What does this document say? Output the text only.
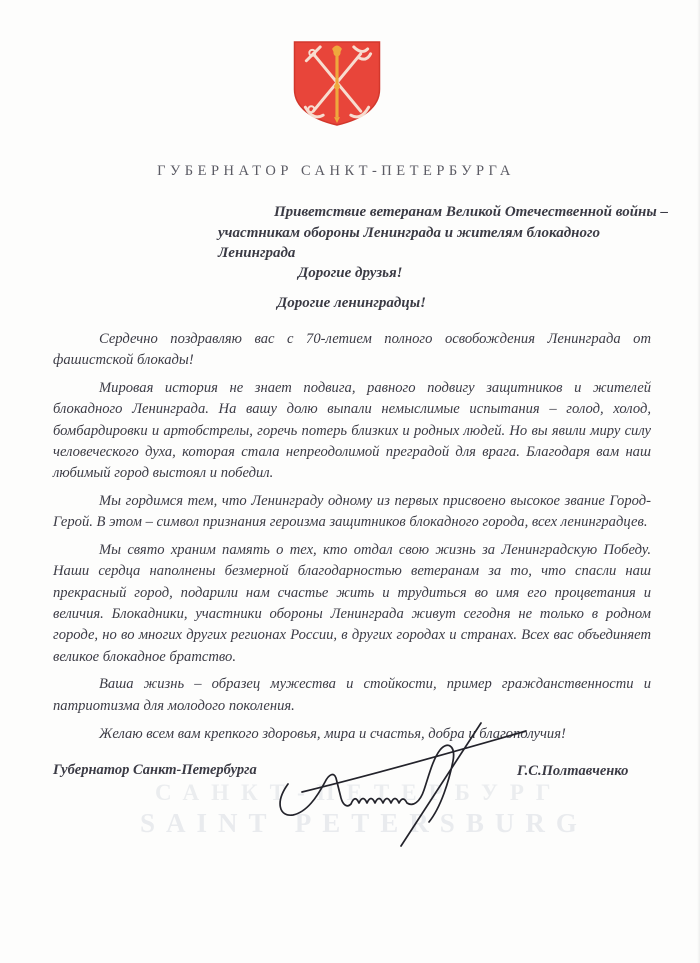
САНКТ-ПЕТЕРБУРГ
SAINT PETERSBURG
ГУБЕРНАТОР САНКТ-ПЕТЕРБУРГА
Приветствие ветеранам Великой Отечественной войны –
участникам обороны Ленинграда и жителям блокадного Ленинграда
Дорогие друзья!
Дорогие ленинградцы!

Сердечно поздравляю вас с 70-летием полного освобождения Ленинграда от фашистской блокады!

Мировая история не знает подвига, равного подвигу защитников и жителей блокадного Ленинграда. На вашу долю выпали немыслимые испытания – голод, холод, бомбардировки и артобстрелы, горечь потерь близких и родных людей. Но вы явили миру силу человеческого духа, которая стала непреодолимой преградой для врага. Благодаря вам наш любимый город выстоял и победил.

Мы гордимся тем, что Ленинграду одному из первых присвоено высокое звание Город-Герой. В этом – символ признания героизма защитников блокадного города, всех ленинградцев.

Мы свято храним память о тех, кто отдал свою жизнь за Ленинградскую Победу. Наши сердца наполнены безмерной благодарностью ветеранам за то, что спасли наш прекрасный город, подарили нам счастье жить и трудиться во имя его процветания и величия. Блокадники, участники обороны Ленинграда живут сегодня не только в родном городе, но во многих других регионах России, в других городах и странах. Всех вас объединяет великое блокадное братство.

Ваша жизнь – образец мужества и стойкости, пример гражданственности и патриотизма для молодого поколения.

Желаю всем вам крепкого здоровья, мира и счастья, добра и благополучия!

Губернатор Санкт-Петербурга	Г.С.Полтавченко
